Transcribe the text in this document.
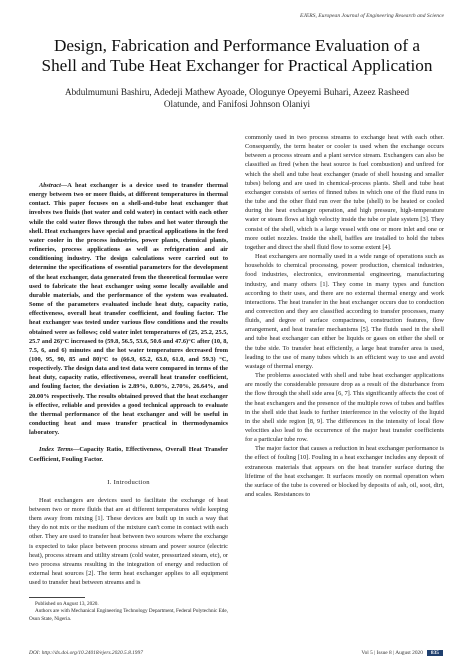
EJERS, European Journal of Engineering Research and Science
Design, Fabrication and Performance Evaluation of a
Shell and Tube Heat Exchanger for Practical Application
Abdulmumuni Bashiru, Adedeji Mathew Ayoade, Ologunye Opeyemi Buhari, Azeez Rasheed
Olatunde, and Fanifosi Johnson Olaniyi

Abstract—A heat exchanger is a device used to transfer thermal energy between two or more fluids, at different temperatures in thermal contact. This paper focuses on a shell-and-tube heat exchanger that involves two fluids (hot water and cold water) in contact with each other while the cold water flows through the tubes and hot water through the shell. Heat exchangers have special and practical applications in the feed water cooler in the process industries, power plants, chemical plants, refineries, process applications as well as refrigeration and air conditioning industry. The design calculations were carried out to determine the specifications of essential parameters for the development of the heat exchanger, data generated from the theoretical formulae were used to fabricate the heat exchanger using some locally available and durable materials, and the performance of the system was evaluated. Some of the parameters evaluated include heat duty, capacity ratio, effectiveness, overall heat transfer coefficient, and fouling factor. The heat exchanger was tested under various flow conditions and the results obtained were as follows; cold water inlet temperatures of (25, 25.2, 25.5, 25.7 and 26)°C increased to (59.8, 56.5, 53.6, 50.6 and 47.6)°C after (10, 8, 7.5, 6, and 6) minutes and the hot water temperatures decreased from (100, 95, 90, 85 and 80)°C to (66.9, 65.2, 63.0, 61.0, and 59.3) °C, respectively. The design data and test data were compared in terms of the heat duty, capacity ratio, effectiveness, overall heat transfer coefficient, and fouling factor, the deviation is 2.89%, 0.00%, 2.70%, 26.64%, and 20.00% respectively. The results obtained proved that the heat exchanger is effective, reliable and provides a good technical approach to evaluate the thermal performance of the heat exchanger and will be useful in conducting heat and mass transfer practical in thermodynamics laboratory.

Index Terms—Capacity Ratio, Effectiveness, Overall Heat Transfer Coefficient, Fouling Factor.

I. Introduction

Heat exchangers are devices used to facilitate the exchange of heat between two or more fluids that are at different temperatures while keeping them away from mixing [1]. These devices are built up in such a way that they do not mix or the medium of the mixture can't come in contact with each other. They are used to transfer heat between two sources where the exchange is expected to take place between process stream and power source (electric heat), process stream and utility stream (cold water, pressurized steam, etc), or two process streams resulting in the integration of energy and reduction of external heat sources [2]. The term heat exchanger applies to all equipment used to transfer heat between streams and is

commonly used in two process streams to exchange heat with each other. Consequently, the term heater or cooler is used when the exchange occurs between a process stream and a plant service stream. Exchangers can also be classified as fired (when the heat source is fuel combustion) and unfired for which the shell and tube heat exchanger (made of shell housing and smaller tubes) belong and are used in chemical-process plants. Shell and tube heat exchanger consists of series of finned tubes in which one of the fluid runs in the tube and the other fluid run over the tube (shell) to be heated or cooled during the heat exchanger operation, and high pressure, high-temperature water or steam flows at high velocity inside the tube or plate system [3]. They consist of the shell, which is a large vessel with one or more inlet and one or more outlet nozzles. Inside the shell, baffles are installed to hold the tubes together and direct the shell fluid flow to some extent [4].

Heat exchangers are normally used in a wide range of operations such as households to chemical processing, power production, chemical industries, food industries, electronics, environmental engineering, manufacturing industry, and many others [1]. They come in many types and function according to their uses, and there are no external thermal energy and work interactions. The heat transfer in the heat exchanger occurs due to conduction and convection and they are classified according to transfer processes, many fluids, and degree of surface compactness, construction features, flow arrangement, and heat transfer mechanisms [5]. The fluids used in the shell and tube heat exchanger can either be liquids or gases on either the shell or the tube side. To transfer heat efficiently, a large heat transfer area is used, leading to the use of many tubes which is an efficient way to use and avoid wastage of thermal energy.

The problems associated with shell and tube heat exchanger applications are mostly the considerable pressure drop as a result of the disturbance from the flow through the shell side area [6, 7]. This significantly affects the cost of the heat exchangers and the presence of the multiple rows of tubes and baffles in the shell side that leads to further interference in the velocity of the liquid in the shell side region [8, 9]. The differences in the intensity of local flow velocities also lead to the occurrence of the major heat transfer coefficients for a particular tube row.

The major factor that causes a reduction in heat exchanger performance is the effect of fouling [10]. Fouling in a heat exchanger includes any deposit of extraneous materials that appears on the heat transfer surface during the lifetime of the heat exchanger. It surfaces mostly on normal operation when the surface of the tube is covered or blocked by deposits of ash, oil, soot, dirt, and scales. Resistances to

Published on August 13, 2020.
Authors are with Mechanical Engineering Technology Department, Federal Polytechnic Ede, Osun State, Nigeria.
DOI: http://dx.doi.org/10.24018/ejers.2020.5.8.1997	Vol 5 | Issue 8 | August 2020 835
